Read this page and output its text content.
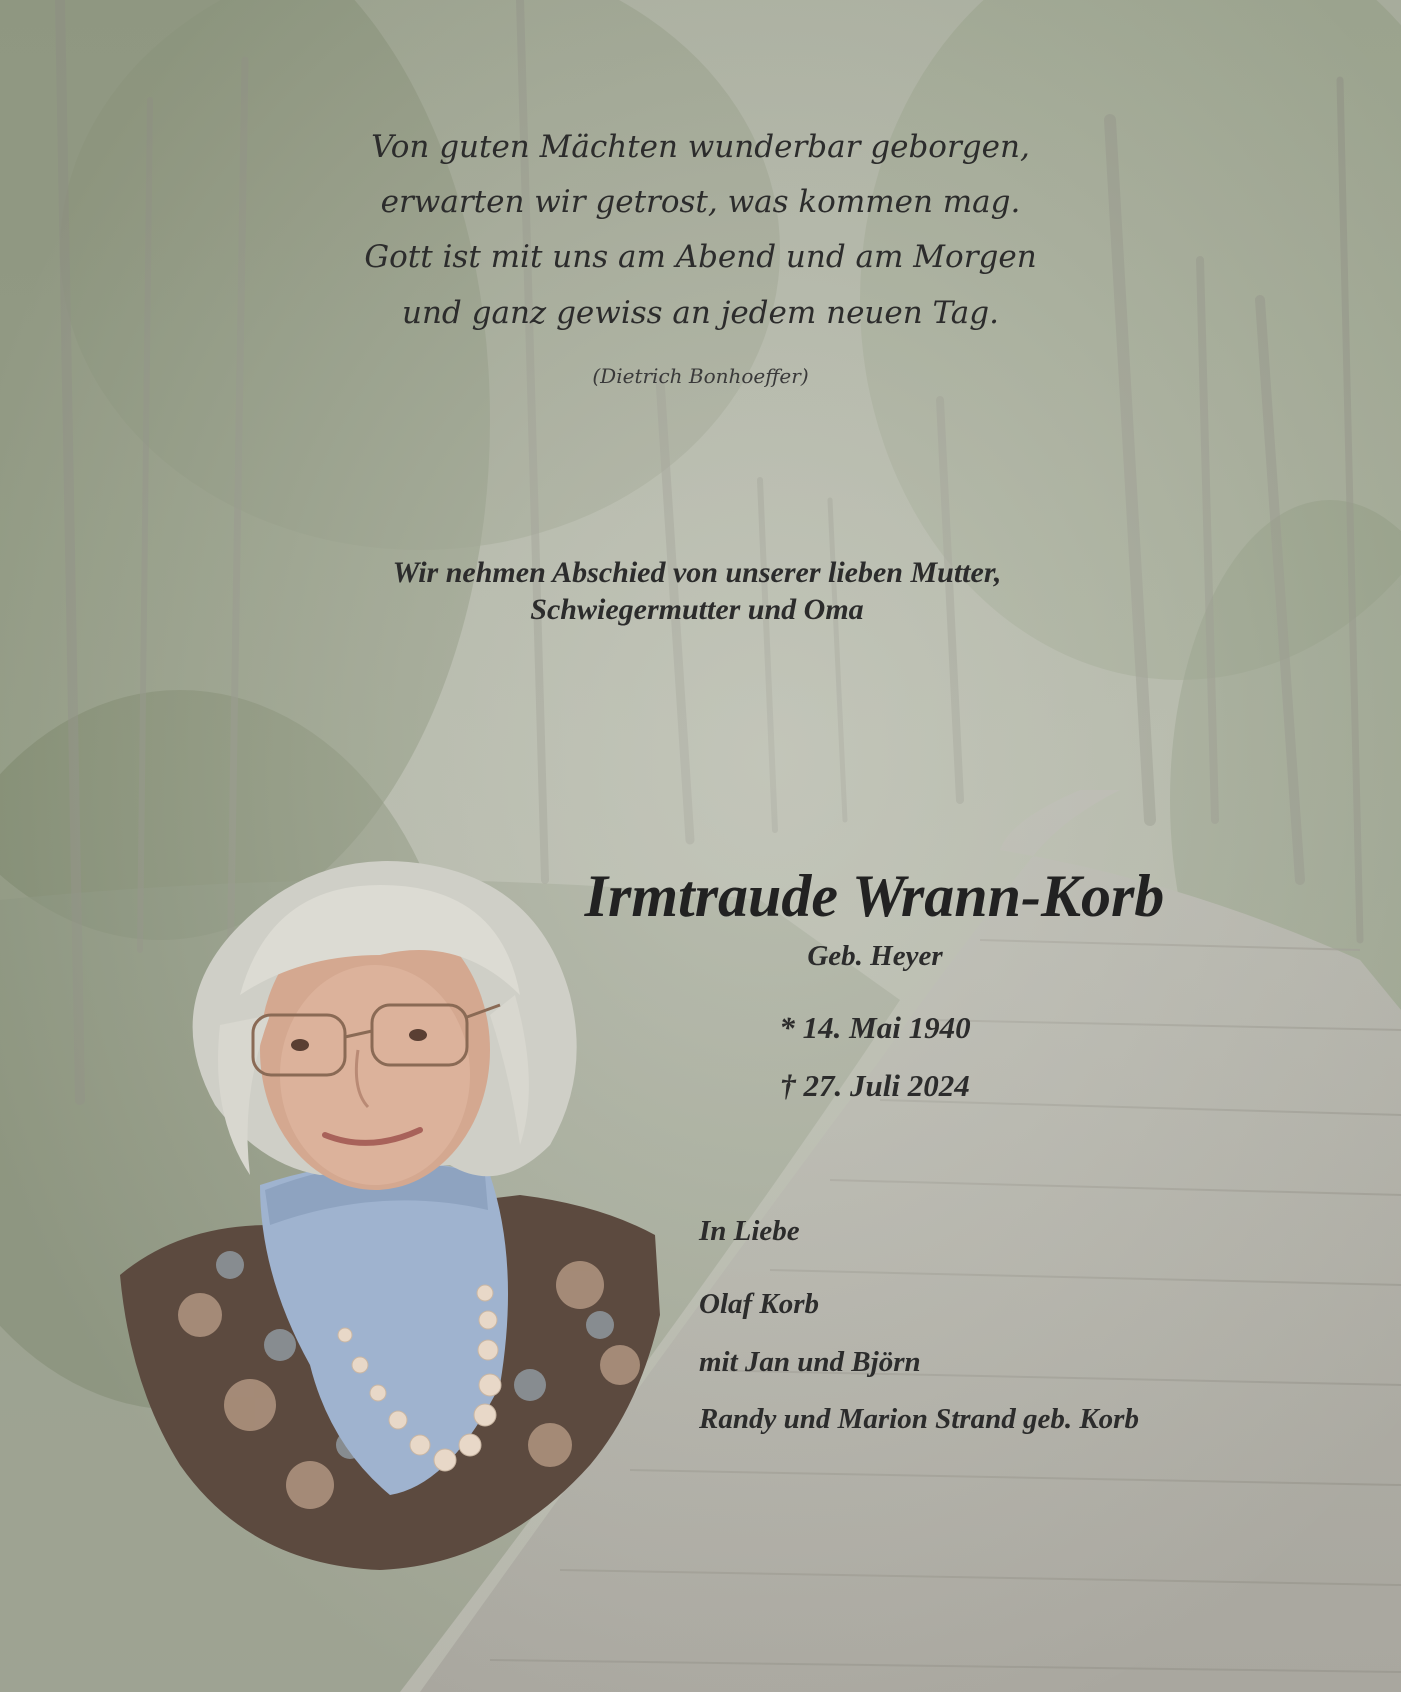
Von guten Mächten wunderbar geborgen,

erwarten wir getrost, was kommen mag.

Gott ist mit uns am Abend und am Morgen

und ganz gewiss an jedem neuen Tag.

(Dietrich Bonhoeffer)

Wir nehmen Abschied von unserer lieben Mutter,

Schwiegermutter und Oma

Irmtraude Wrann-Korb

Geb. Heyer

* 14. Mai 1940

† 27. Juli 2024

In Liebe

Olaf Korb

mit Jan und Björn

Randy und Marion Strand geb. Korb
